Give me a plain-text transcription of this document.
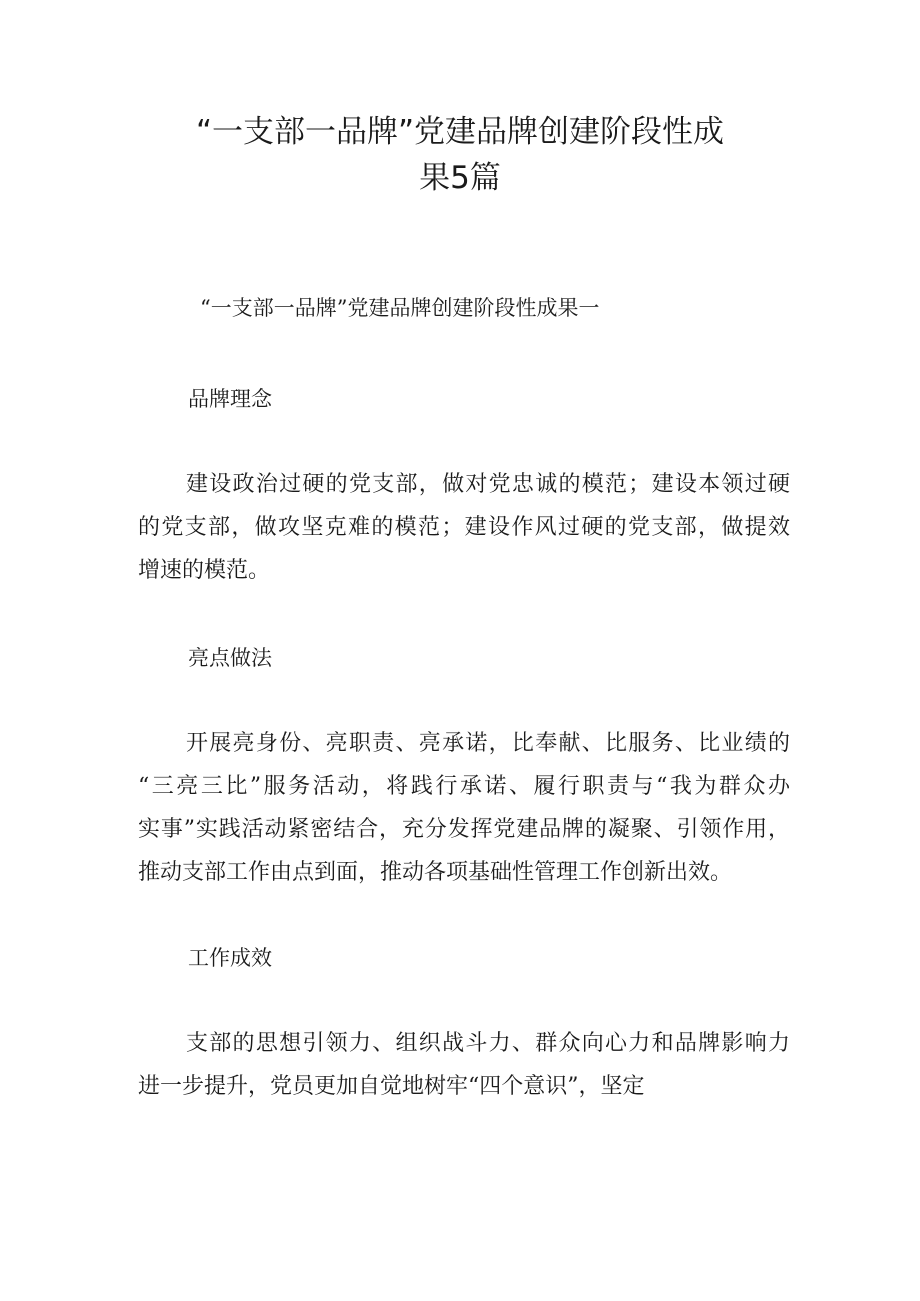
“一支部一品牌”党建品牌创建阶段性成
果5篇

“一支部一品牌”党建品牌创建阶段性成果一

品牌理念

建设政治过硬的党支部，做对党忠诚的模范；建设本领过硬
的党支部，做攻坚克难的模范；建设作风过硬的党支部，做提效
增速的模范。

亮点做法

开展亮身份、亮职责、亮承诺，比奉献、比服务、比业绩的
“三亮三比”服务活动，将践行承诺、履行职责与“我为群众办
实事”实践活动紧密结合，充分发挥党建品牌的凝聚、引领作用，
推动支部工作由点到面，推动各项基础性管理工作创新出效。

工作成效

支部的思想引领力、组织战斗力、群众向心力和品牌影响力
进一步提升，党员更加自觉地树牢“四个意识”，坚定
